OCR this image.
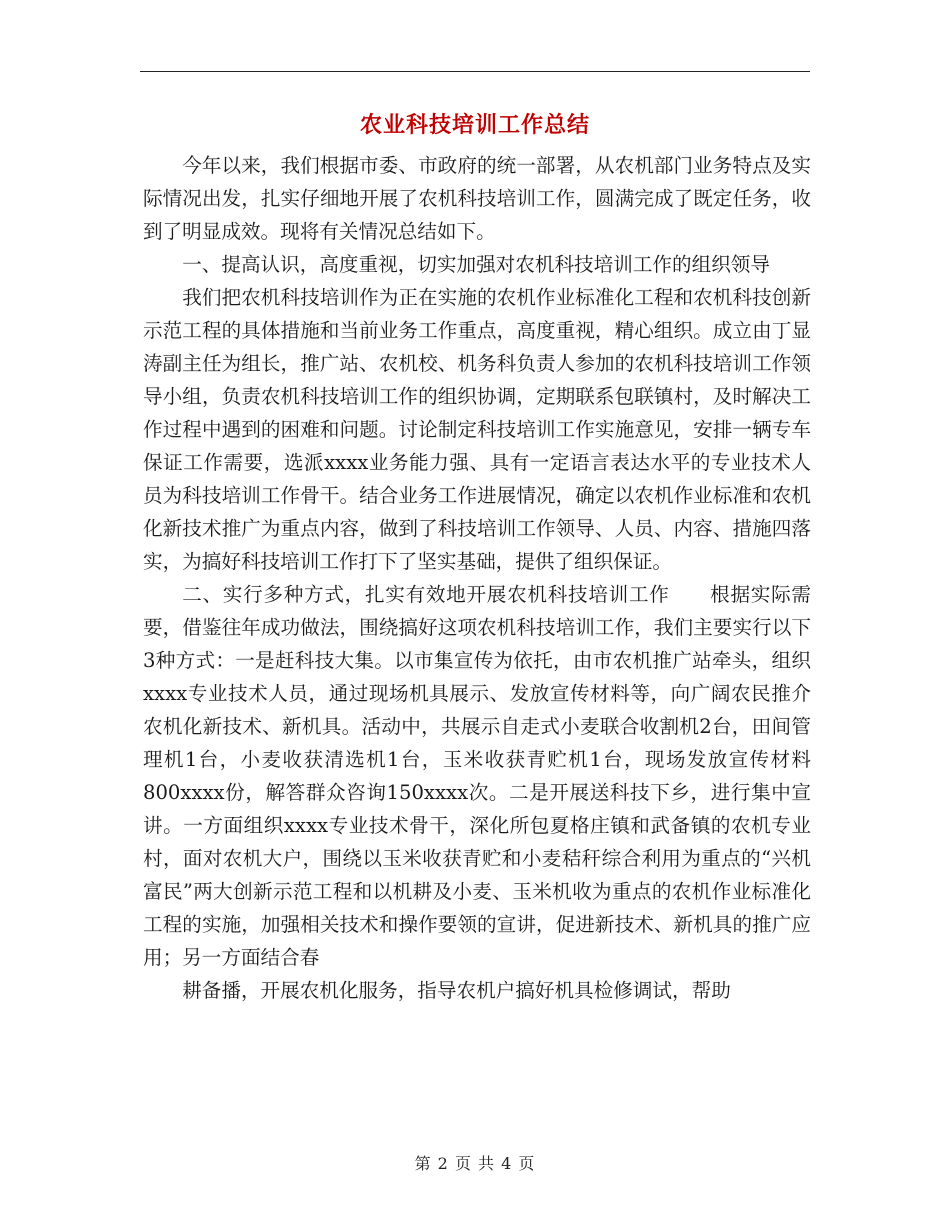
农业科技培训工作总结

今年以来，我们根据市委、市政府的统一部署，从农机部门业务特点及实际情况出发，扎实仔细地开展了农机科技培训工作，圆满完成了既定任务，收到了明显成效。现将有关情况总结如下。

一、提高认识，高度重视，切实加强对农机科技培训工作的组织领导

我们把农机科技培训作为正在实施的农机作业标准化工程和农机科技创新示范工程的具体措施和当前业务工作重点，高度重视，精心组织。成立由丁显涛副主任为组长，推广站、农机校、机务科负责人参加的农机科技培训工作领导小组，负责农机科技培训工作的组织协调，定期联系包联镇村，及时解决工作过程中遇到的困难和问题。讨论制定科技培训工作实施意见，安排一辆专车保证工作需要，选派xxxx业务能力强、具有一定语言表达水平的专业技术人员为科技培训工作骨干。结合业务工作进展情况，确定以农机作业标准和农机化新技术推广为重点内容，做到了科技培训工作领导、人员、内容、措施四落实，为搞好科技培训工作打下了坚实基础，提供了组织保证。

二、实行多种方式，扎实有效地开展农机科技培训工作　　根据实际需要，借鉴往年成功做法，围绕搞好这项农机科技培训工作，我们主要实行以下3种方式：一是赶科技大集。以市集宣传为依托，由市农机推广站牵头，组织xxxx专业技术人员，通过现场机具展示、发放宣传材料等，向广阔农民推介农机化新技术、新机具。活动中，共展示自走式小麦联合收割机2台，田间管理机1台，小麦收获清选机1台，玉米收获青贮机1台，现场发放宣传材料800xxxx份，解答群众咨询150xxxx次。二是开展送科技下乡，进行集中宣讲。一方面组织xxxx专业技术骨干，深化所包夏格庄镇和武备镇的农机专业村，面对农机大户，围绕以玉米收获青贮和小麦秸秆综合利用为重点的“兴机富民”两大创新示范工程和以机耕及小麦、玉米机收为重点的农机作业标准化工程的实施，加强相关技术和操作要领的宣讲，促进新技术、新机具的推广应用；另一方面结合春

耕备播，开展农机化服务，指导农机户搞好机具检修调试，帮助

第 2 页 共 4 页
